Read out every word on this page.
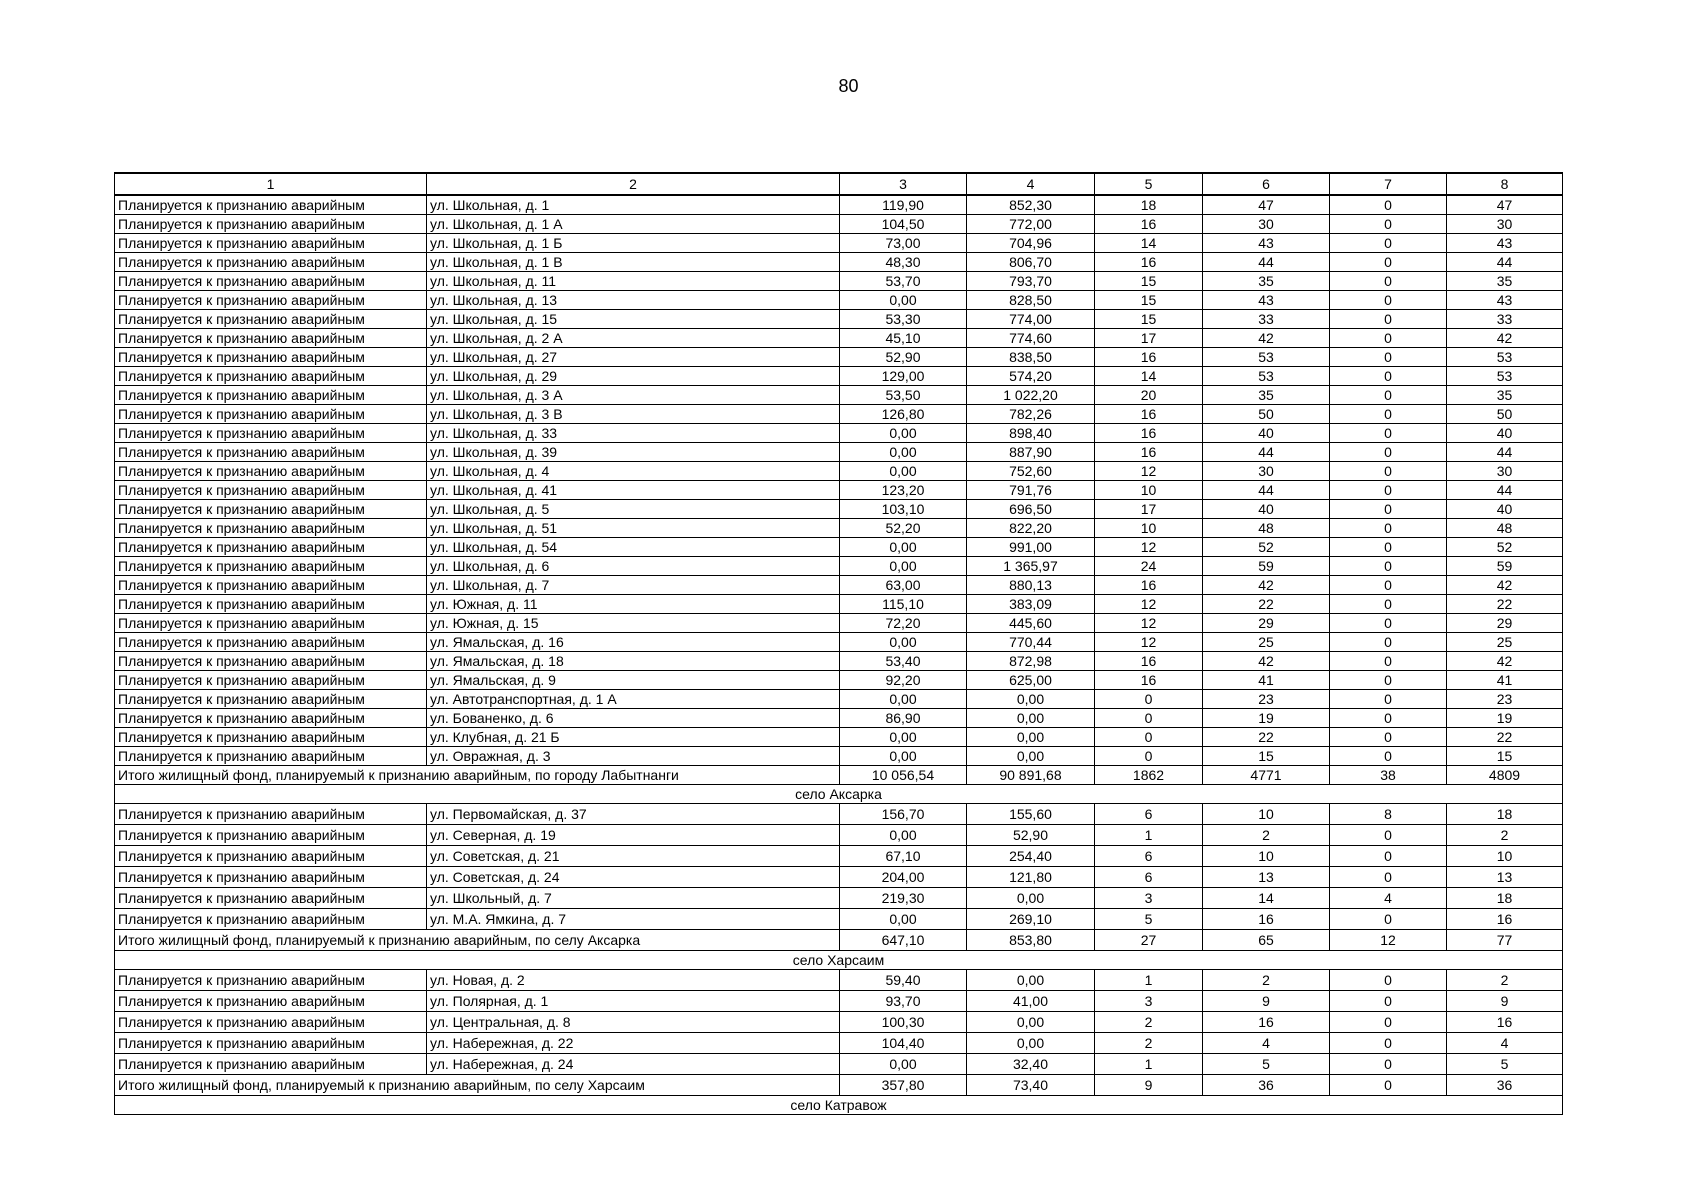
80
1	2	3	4	5	6	7	8
Планируется к признанию аварийным	ул. Школьная, д. 1	119,90	852,30	18	47	0	47
Планируется к признанию аварийным	ул. Школьная, д. 1 А	104,50	772,00	16	30	0	30
Планируется к признанию аварийным	ул. Школьная, д. 1 Б	73,00	704,96	14	43	0	43
Планируется к признанию аварийным	ул. Школьная, д. 1 В	48,30	806,70	16	44	0	44
Планируется к признанию аварийным	ул. Школьная, д. 11	53,70	793,70	15	35	0	35
Планируется к признанию аварийным	ул. Школьная, д. 13	0,00	828,50	15	43	0	43
Планируется к признанию аварийным	ул. Школьная, д. 15	53,30	774,00	15	33	0	33
Планируется к признанию аварийным	ул. Школьная, д. 2 А	45,10	774,60	17	42	0	42
Планируется к признанию аварийным	ул. Школьная, д. 27	52,90	838,50	16	53	0	53
Планируется к признанию аварийным	ул. Школьная, д. 29	129,00	574,20	14	53	0	53
Планируется к признанию аварийным	ул. Школьная, д. 3 А	53,50	1 022,20	20	35	0	35
Планируется к признанию аварийным	ул. Школьная, д. 3 В	126,80	782,26	16	50	0	50
Планируется к признанию аварийным	ул. Школьная, д. 33	0,00	898,40	16	40	0	40
Планируется к признанию аварийным	ул. Школьная, д. 39	0,00	887,90	16	44	0	44
Планируется к признанию аварийным	ул. Школьная, д. 4	0,00	752,60	12	30	0	30
Планируется к признанию аварийным	ул. Школьная, д. 41	123,20	791,76	10	44	0	44
Планируется к признанию аварийным	ул. Школьная, д. 5	103,10	696,50	17	40	0	40
Планируется к признанию аварийным	ул. Школьная, д. 51	52,20	822,20	10	48	0	48
Планируется к признанию аварийным	ул. Школьная, д. 54	0,00	991,00	12	52	0	52
Планируется к признанию аварийным	ул. Школьная, д. 6	0,00	1 365,97	24	59	0	59
Планируется к признанию аварийным	ул. Школьная, д. 7	63,00	880,13	16	42	0	42
Планируется к признанию аварийным	ул. Южная, д. 11	115,10	383,09	12	22	0	22
Планируется к признанию аварийным	ул. Южная, д. 15	72,20	445,60	12	29	0	29
Планируется к признанию аварийным	ул. Ямальская, д. 16	0,00	770,44	12	25	0	25
Планируется к признанию аварийным	ул. Ямальская, д. 18	53,40	872,98	16	42	0	42
Планируется к признанию аварийным	ул. Ямальская, д. 9	92,20	625,00	16	41	0	41
Планируется к признанию аварийным	ул. Автотранспортная, д. 1 А	0,00	0,00	0	23	0	23
Планируется к признанию аварийным	ул. Бованенко, д. 6	86,90	0,00	0	19	0	19
Планируется к признанию аварийным	ул. Клубная, д. 21 Б	0,00	0,00	0	22	0	22
Планируется к признанию аварийным	ул. Овражная, д. 3	0,00	0,00	0	15	0	15
Итого жилищный фонд, планируемый к признанию аварийным, по городу Лабытнанги		10 056,54	90 891,68	1862	4771	38	4809
село Аксарка							
Планируется к признанию аварийным	ул. Первомайская, д. 37	156,70	155,60	6	10	8	18
Планируется к признанию аварийным	ул. Северная, д. 19	0,00	52,90	1	2	0	2
Планируется к признанию аварийным	ул. Советская, д. 21	67,10	254,40	6	10	0	10
Планируется к признанию аварийным	ул. Советская, д. 24	204,00	121,80	6	13	0	13
Планируется к признанию аварийным	ул. Школьный, д. 7	219,30	0,00	3	14	4	18
Планируется к признанию аварийным	ул. М.А. Ямкина, д. 7	0,00	269,10	5	16	0	16
Итого жилищный фонд, планируемый к признанию аварийным, по селу Аксарка		647,10	853,80	27	65	12	77
село Харсаим							
Планируется к признанию аварийным	ул. Новая, д. 2	59,40	0,00	1	2	0	2
Планируется к признанию аварийным	ул. Полярная, д. 1	93,70	41,00	3	9	0	9
Планируется к признанию аварийным	ул. Центральная, д. 8	100,30	0,00	2	16	0	16
Планируется к признанию аварийным	ул. Набережная, д. 22	104,40	0,00	2	4	0	4
Планируется к признанию аварийным	ул. Набережная, д. 24	0,00	32,40	1	5	0	5
Итого жилищный фонд, планируемый к признанию аварийным, по селу Харсаим		357,80	73,40	9	36	0	36
село Катравож							
